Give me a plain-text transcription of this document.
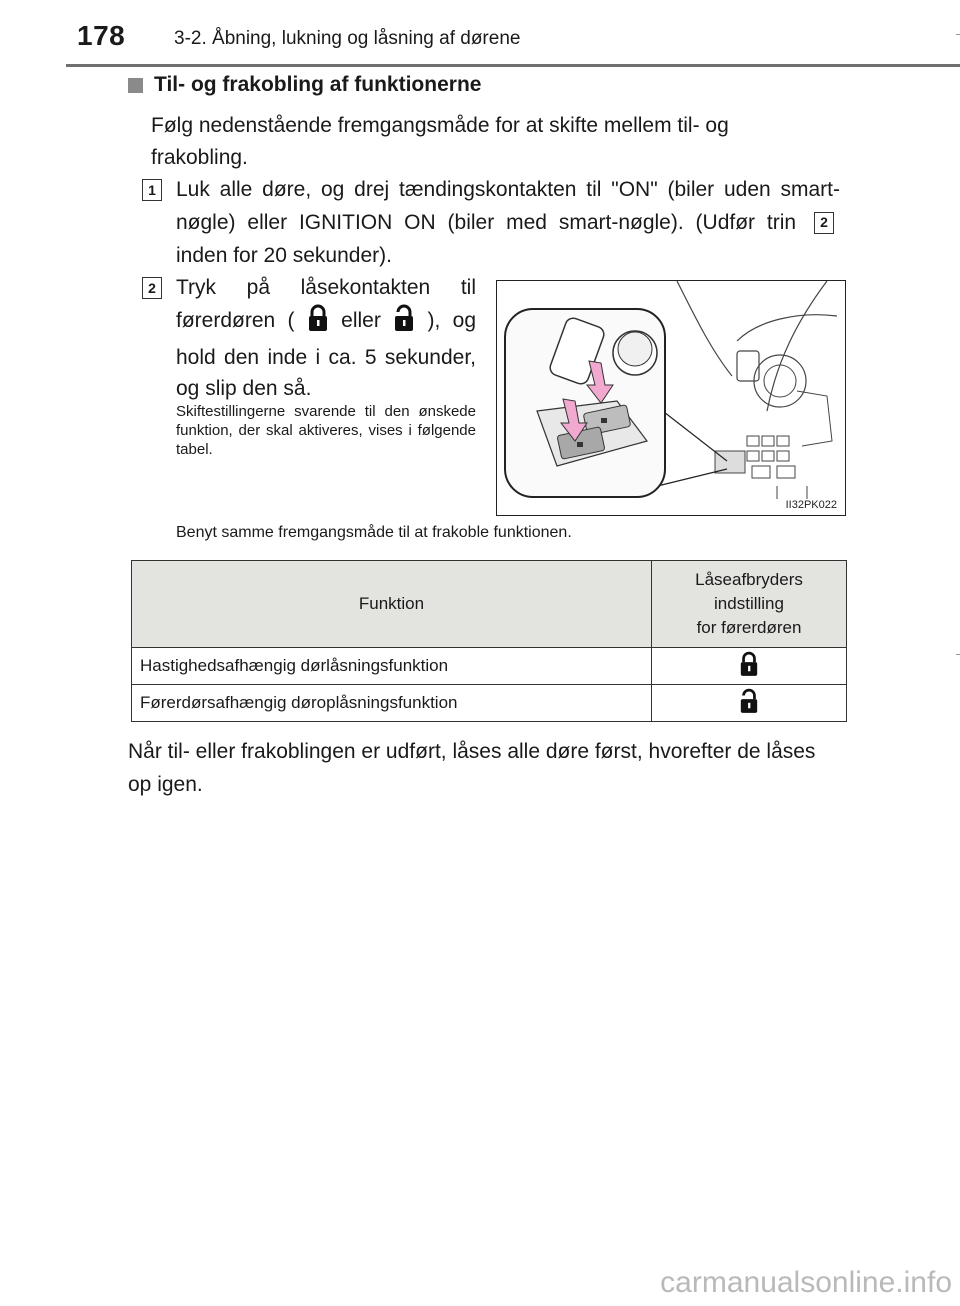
178	3-2. Åbning, lukning og låsning af dørene
Til- og frakobling af funktionerne
Følg nedenstående fremgangsmåde for at skifte mellem til- og frakobling.
1 Luk alle døre, og drej tændingskontakten til "ON" (biler uden smart-nøgle) eller IGNITION ON (biler med smart-nøgle). (Udfør trin 2 inden for 20 sekunder).
2 Tryk på låsekontakten til førerdøren ( eller ), og hold den inde i ca. 5 sekunder, og slip den så.
Skiftestillingerne svarende til den ønskede funktion, der skal aktiveres, vises i følgende tabel.
II32PK022
Benyt samme fremgangsmåde til at frakoble funktionen.
Funktion	Låseafbryders
indstilling
for førerdøren

Hastighedsafhængig dørlåsningsfunktion	
Førerdørsafhængig døroplåsningsfunktion	
Når til- eller frakoblingen er udført, låses alle døre først, hvorefter de låses op igen.
carmanualsonline.info
